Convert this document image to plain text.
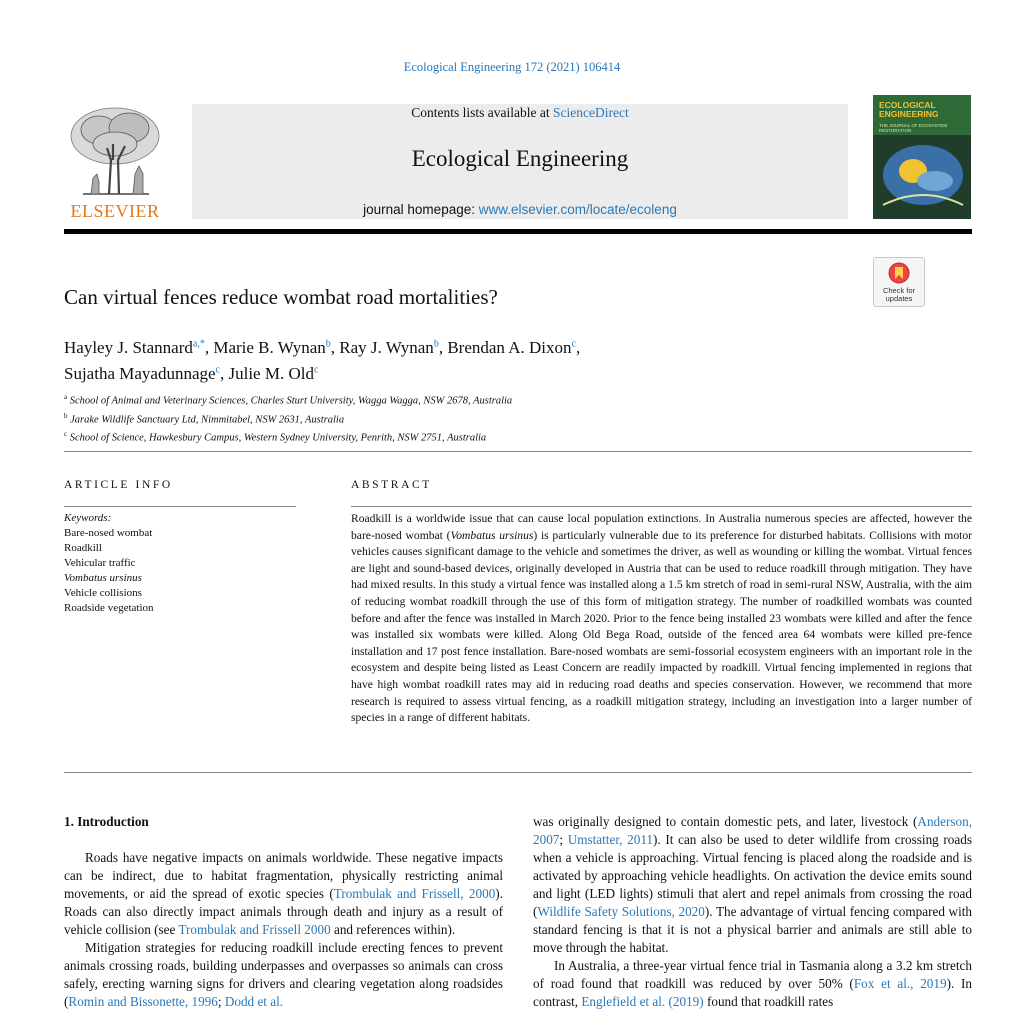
Ecological Engineering 172 (2021) 106414
ELSEVIER
Contents lists available at ScienceDirect
Ecological Engineering
journal homepage: www.elsevier.com/locate/ecoleng
ECOLOGICAL ENGINEERING
THE JOURNAL OF ECOSYSTEM RESTORATION
Check for updates
Can virtual fences reduce wombat road mortalities?
Hayley J. Stannard$^{a,*}$, Marie B. Wynan$^b$, Ray J. Wynan$^b$, Brendan A. Dixon$^c$,
Sujatha Mayadunnage$^c$, Julie M. Old$^c$
$^a$ School of Animal and Veterinary Sciences, Charles Sturt University, Wagga Wagga, NSW 2678, Australia
$^b$ Jarake Wildlife Sanctuary Ltd, Nimmitabel, NSW 2631, Australia
$^c$ School of Science, Hawkesbury Campus, Western Sydney University, Penrith, NSW 2751, Australia
ARTICLE INFO
Keywords:
Bare-nosed wombat
Roadkill
Vehicular traffic
Vombatus ursinus
Vehicle collisions
Roadside vegetation
ABSTRACT
Roadkill is a worldwide issue that can cause local population extinctions. In Australia numerous species are affected, however the bare-nosed wombat (Vombatus ursinus) is particularly vulnerable due to its preference for disturbed habitats. Collisions with motor vehicles causes significant damage to the vehicle and sometimes the driver, as well as wounding or killing the wombat. Virtual fences are light and sound-based devices, originally developed in Austria that can be used to reduce roadkill through mitigation. They have had mixed results. In this study a virtual fence was installed along a 1.5 km stretch of road in semi-rural NSW, Australia, with the aim of reducing wombat roadkill through the use of this form of mitigation strategy. The number of roadkilled wombats was counted before and after the fence was installed in March 2020. Prior to the fence being installed 23 wombats were killed and after the fence was installed six wombats were killed. Along Old Bega Road, outside of the fenced area 64 wombats were killed pre-fence installation and 17 post fence installation. Bare-nosed wombats are semi-fossorial ecosystem engineers with an important role in the ecosystem and despite being listed as Least Concern are readily impacted by roadkill. Virtual fencing implemented in regions that have high wombat roadkill rates may aid in reducing road deaths and species conservation. However, we recommend that more research is required to assess virtual fencing, as a roadkill mitigation strategy, including an investigation into a larger number of species in a range of different habitats.
1. Introduction

Roads have negative impacts on animals worldwide. These negative impacts can be indirect, due to habitat fragmentation, physically restricting animal movements, or aid the spread of exotic species (Trombulak and Frissell, 2000). Roads can also directly impact animals through death and injury as a result of vehicle collision (see Trombulak and Frissell 2000 and references within).

Mitigation strategies for reducing roadkill include erecting fences to prevent animals crossing roads, building underpasses and overpasses so animals can cross safely, erecting warning signs for drivers and clearing vegetation along roadsides (Romin and Bissonette, 1996; Dodd et al.

was originally designed to contain domestic pets, and later, livestock (Anderson, 2007; Umstatter, 2011). It can also be used to deter wildlife from crossing roads when a vehicle is approaching. Virtual fencing is placed along the roadside and is activated by approaching vehicle headlights. On activation the device emits sound and light (LED lights) stimuli that alert and repel animals from crossing the road (Wildlife Safety Solutions, 2020). The advantage of virtual fencing compared with standard fencing is that it is not a physical barrier and animals are still able to move through the habitat.

In Australia, a three-year virtual fence trial in Tasmania along a 3.2 km stretch of road found that roadkill was reduced by over 50% (Fox et al., 2019). In contrast, Englefield et al. (2019) found that roadkill rates
